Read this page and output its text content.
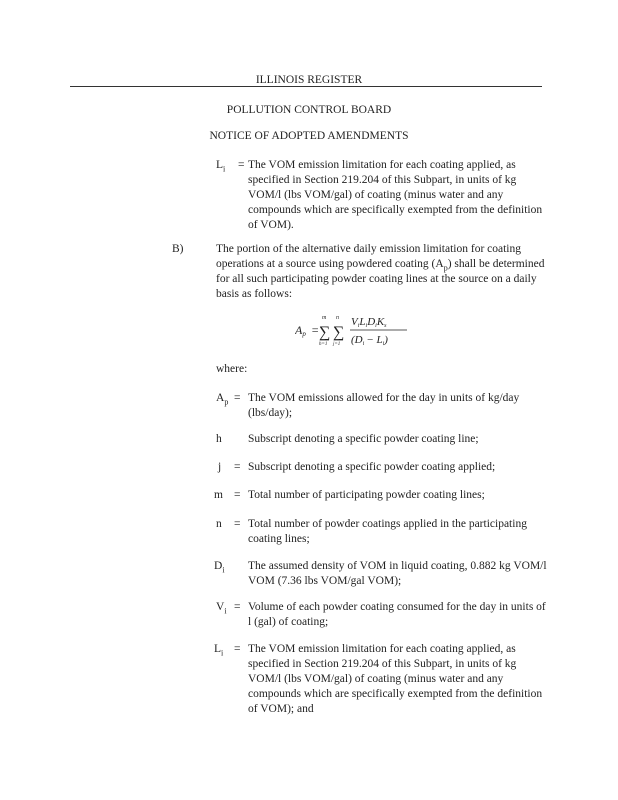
ILLINOIS REGISTER
POLLUTION CONTROL BOARD
NOTICE OF ADOPTED AMENDMENTS
$L_i$ = The VOM emission limitation for each coating applied, as specified in Section 219.204 of this Subpart, in units of kg VOM/l (lbs VOM/gal) of coating (minus water and any compounds which are specifically exempted from the definition of VOM).
B)	The portion of the alternative daily emission limitation for coating operations at a source using powdered coating $(A_p)$ shall be determined for all such participating powder coating lines at the source on a daily basis as follows:
Ap =
m
∑
h=1
n
∑
j=1
ViLiDiKs
(Di − Li)
where:
$A_p$ = The VOM emissions allowed for the day in units of kg/day (lbs/day);
h Subscript denoting a specific powder coating line;
j = Subscript denoting a specific powder coating applied;
m = Total number of participating powder coating lines;
n = Total number of powder coatings applied in the participating coating lines;
$D_i$ The assumed density of VOM in liquid coating, 0.882 kg VOM/l VOM (7.36 lbs VOM/gal VOM);
$V_i$ = Volume of each powder coating consumed for the day in units of l (gal) of coating;
$L_i$ = The VOM emission limitation for each coating applied, as specified in Section 219.204 of this Subpart, in units of kg VOM/l (lbs VOM/gal) of coating (minus water and any compounds which are specifically exempted from the definition of VOM); and
